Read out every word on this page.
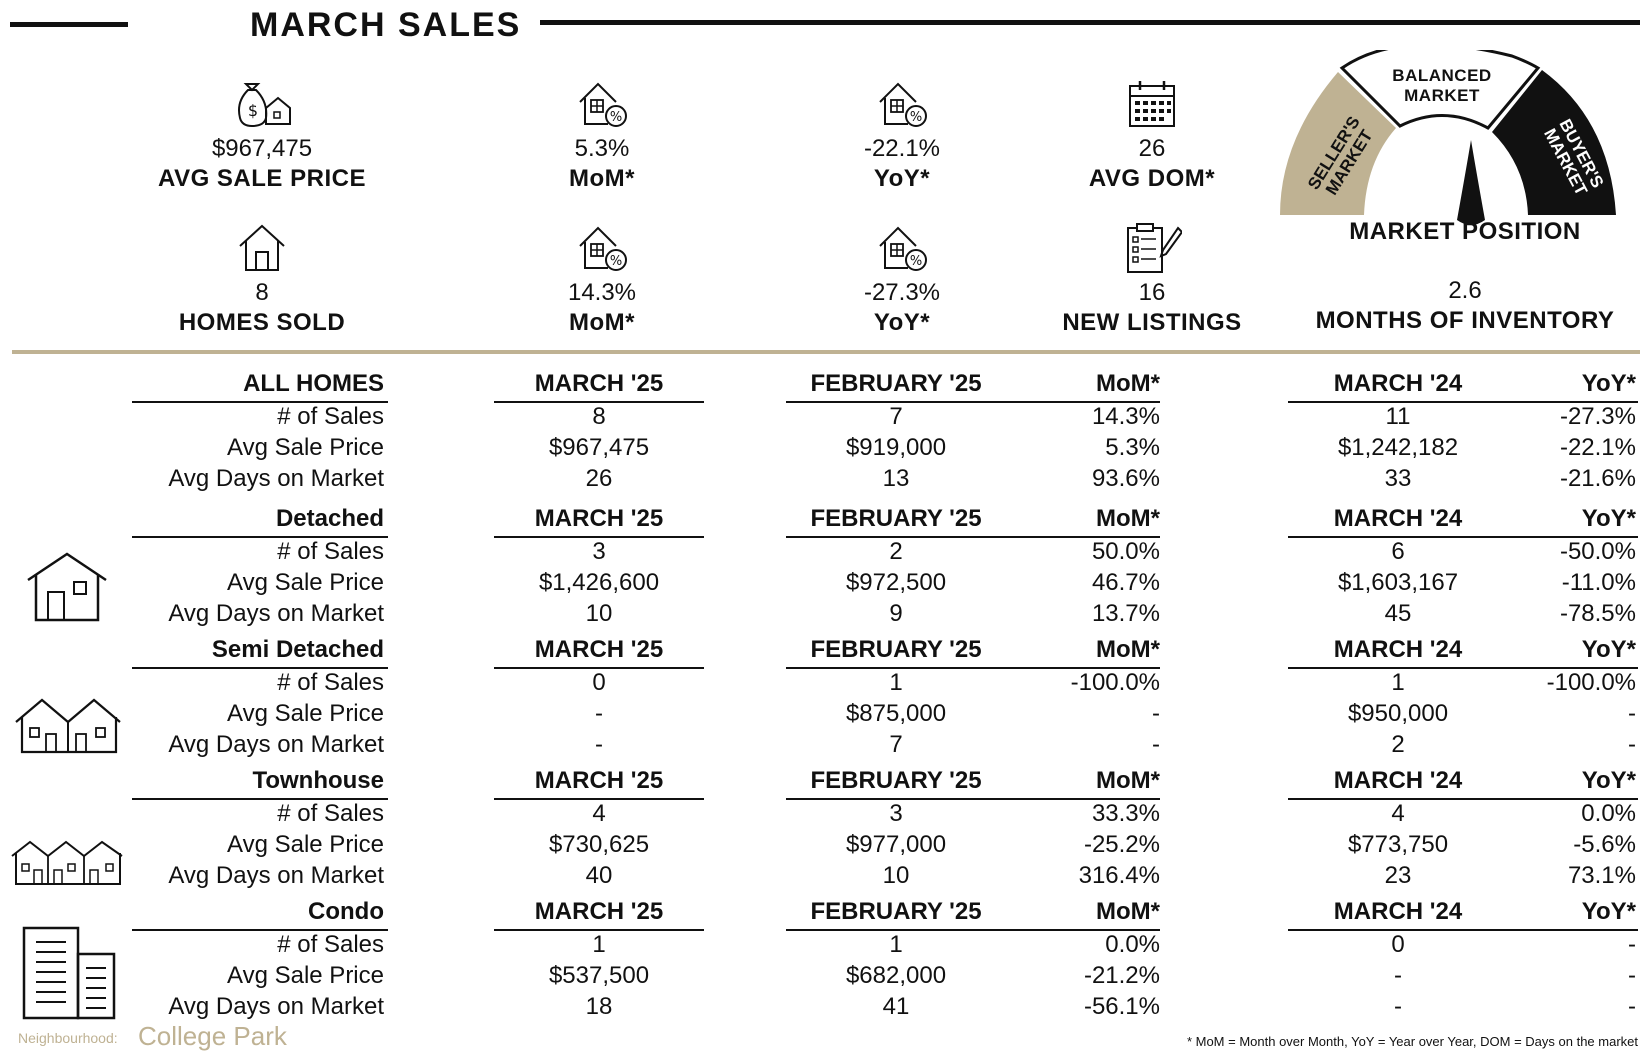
MARCH SALES
$
$967,475
AVG SALE PRICE
%
5.3%
MoM*
%
-22.1%
YoY*
26
AVG DOM*
8
HOMES SOLD
%
14.3%
MoM*
%
-27.3%
YoY*
16
NEW LISTINGS
BALANCED
MARKET
SELLER'S MARKET	BUYER'S MARKET
MARKET POSITION
2.6
MONTHS OF INVENTORY
ALL HOMES	MARCH '25	FEBRUARY '25	MoM*	MARCH '24	YoY*
# of Sales	8	7	14.3%	11	-27.3%
Avg Sale Price	$967,475	$919,000	5.3%	$1,242,182	-22.1%
Avg Days on Market	26	13	93.6%	33	-21.6%
Detached	MARCH '25	FEBRUARY '25	MoM*	MARCH '24	YoY*
# of Sales	3	2	50.0%	6	-50.0%
Avg Sale Price	$1,426,600	$972,500	46.7%	$1,603,167	-11.0%
Avg Days on Market	10	9	13.7%	45	-78.5%
Semi Detached	MARCH '25	FEBRUARY '25	MoM*	MARCH '24	YoY*
# of Sales	0	1	-100.0%	1	-100.0%
Avg Sale Price	-	$875,000	-	$950,000	-
Avg Days on Market	-	7	-	2	-
Townhouse	MARCH '25	FEBRUARY '25	MoM*	MARCH '24	YoY*
# of Sales	4	3	33.3%	4	0.0%
Avg Sale Price	$730,625	$977,000	-25.2%	$773,750	-5.6%
Avg Days on Market	40	10	316.4%	23	73.1%
Condo	MARCH '25	FEBRUARY '25	MoM*	MARCH '24	YoY*
# of Sales	1	1	0.0%	0	-
Avg Sale Price	$537,500	$682,000	-21.2%	-	-
Avg Days on Market	18	41	-56.1%	-	-
Neighbourhood: College Park	* MoM = Month over Month, YoY = Year over Year, DOM = Days on the market
